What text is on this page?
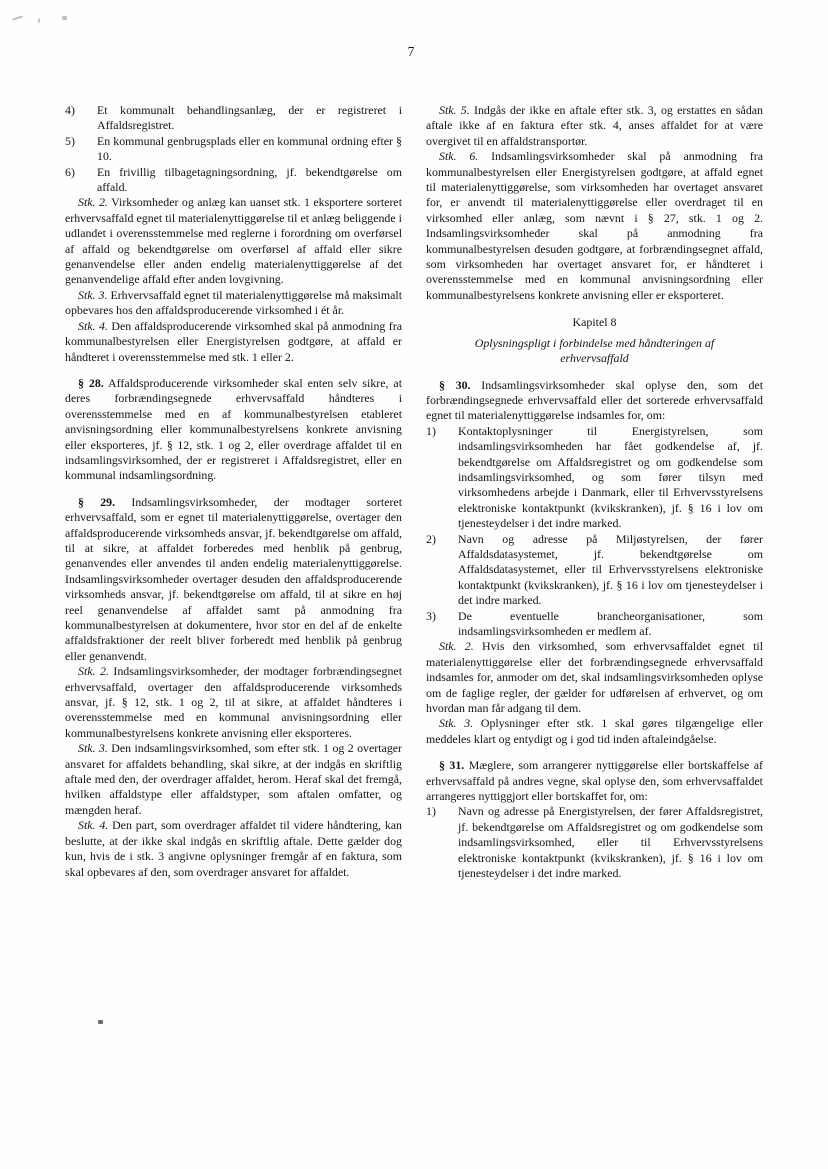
7
4)	Et kommunalt behandlingsanlæg, der er registreret i Affaldsregistret.
5)	En kommunal genbrugsplads eller en kommunal ordning efter § 10.
6)	En frivillig tilbagetagningsordning, jf. bekendtgørelse om affald.

Stk. 2. Virksomheder og anlæg kan uanset stk. 1 eksportere sorteret erhvervsaffald egnet til materialenyttiggørelse til et anlæg beliggende i udlandet i overensstemmelse med reglerne i forordning om overførsel af affald og bekendtgørelse om overførsel af affald eller sikre genanvendelse eller anden endelig materialenyttiggørelse af det genanvendelige affald efter anden lovgivning.

Stk. 3. Erhvervsaffald egnet til materialenyttiggørelse må maksimalt opbevares hos den affaldsproducerende virksomhed i ét år.

Stk. 4. Den affaldsproducerende virksomhed skal på anmodning fra kommunalbestyrelsen eller Energistyrelsen godtgøre, at affald er håndteret i overensstemmelse med stk. 1 eller 2.

§ 28. Affaldsproducerende virksomheder skal enten selv sikre, at deres forbrændingsegnede erhvervsaffald håndteres i overensstemmelse med en af kommunalbestyrelsen etableret anvisningsordning eller kommunalbestyrelsens konkrete anvisning eller eksporteres, jf. § 12, stk. 1 og 2, eller overdrage affaldet til en indsamlingsvirksomhed, der er registreret i Affaldsregistret, eller en kommunal indsamlingsordning.

§ 29. Indsamlingsvirksomheder, der modtager sorteret erhvervsaffald, som er egnet til materialenyttiggørelse, overtager den affaldsproducerende virksomheds ansvar, jf. bekendtgørelse om affald, til at sikre, at affaldet forberedes med henblik på genbrug, genanvendes eller anvendes til anden endelig materialenyttiggørelse. Indsamlingsvirksomheder overtager desuden den affaldsproducerende virksomheds ansvar, jf. bekendtgørelse om affald, til at sikre en høj reel genanvendelse af affaldet samt på anmodning fra kommunalbestyrelsen at dokumentere, hvor stor en del af de enkelte affaldsfraktioner der reelt bliver forberedt med henblik på genbrug eller genanvendt.

Stk. 2. Indsamlingsvirksomheder, der modtager forbrændingsegnet erhvervsaffald, overtager den affaldsproducerende virksomheds ansvar, jf. § 12, stk. 1 og 2, til at sikre, at affaldet håndteres i overensstemmelse med en kommunal anvisningsordning eller kommunalbestyrelsens konkrete anvisning eller eksporteres.

Stk. 3. Den indsamlingsvirksomhed, som efter stk. 1 og 2 overtager ansvaret for affaldets behandling, skal sikre, at der indgås en skriftlig aftale med den, der overdrager affaldet, herom. Heraf skal det fremgå, hvilken affaldstype eller affaldstyper, som aftalen omfatter, og mængden heraf.

Stk. 4. Den part, som overdrager affaldet til videre håndtering, kan beslutte, at der ikke skal indgås en skriftlig aftale. Dette gælder dog kun, hvis de i stk. 3 angivne oplysninger fremgår af en faktura, som skal opbevares af den, som overdrager ansvaret for affaldet.

Stk. 5. Indgås der ikke en aftale efter stk. 3, og erstattes en sådan aftale ikke af en faktura efter stk. 4, anses affaldet for at være overgivet til en affaldstransportør.

Stk. 6. Indsamlingsvirksomheder skal på anmodning fra kommunalbestyrelsen eller Energistyrelsen godtgøre, at affald egnet til materialenyttiggørelse, som virksomheden har overtaget ansvaret for, er anvendt til materialenyttiggørelse eller overdraget til en virksomhed eller anlæg, som nævnt i § 27, stk. 1 og 2. Indsamlingsvirksomheder skal på anmodning fra kommunalbestyrelsen desuden godtgøre, at forbrændingsegnet affald, som virksomheden har overtaget ansvaret for, er håndteret i overensstemmelse med en kommunal anvisningsordning eller kommunalbestyrelsens konkrete anvisning eller er eksporteret.

Kapitel 8
Oplysningspligt i forbindelse med håndteringen af erhvervsaffald

§ 30. Indsamlingsvirksomheder skal oplyse den, som det forbrændingsegnede erhvervsaffald eller det sorterede erhvervsaffald egnet til materialenyttiggørelse indsamles for, om:

1)	Kontaktoplysninger til Energistyrelsen, som indsamlingsvirksomheden har fået godkendelse af, jf. bekendtgørelse om Affaldsregistret og om godkendelse som indsamlingsvirksomhed, og som fører tilsyn med virksomhedens arbejde i Danmark, eller til Erhvervsstyrelsens elektroniske kontaktpunkt (kvikskranken), jf. § 16 i lov om tjenesteydelser i det indre marked.
2)	Navn og adresse på Miljøstyrelsen, der fører Affaldsdatasystemet, jf. bekendtgørelse om Affaldsdatasystemet, eller til Erhvervsstyrelsens elektroniske kontaktpunkt (kvikskranken), jf. § 16 i lov om tjenesteydelser i det indre marked.
3)	De eventuelle brancheorganisationer, som indsamlingsvirksomheden er medlem af.

Stk. 2. Hvis den virksomhed, som erhvervsaffaldet egnet til materialenyttiggørelse eller det forbrændingsegnede erhvervsaffald indsamles for, anmoder om det, skal indsamlingsvirksomheden oplyse om de faglige regler, der gælder for udførelsen af erhvervet, og om hvordan man får adgang til dem.

Stk. 3. Oplysninger efter stk. 1 skal gøres tilgængelige eller meddeles klart og entydigt og i god tid inden aftaleindgåelse.

§ 31. Mæglere, som arrangerer nyttiggørelse eller bortskaffelse af erhvervsaffald på andres vegne, skal oplyse den, som erhvervsaffaldet arrangeres nyttiggjort eller bortskaffet for, om:

1)	Navn og adresse på Energistyrelsen, der fører Affaldsregistret, jf. bekendtgørelse om Affaldsregistret og om godkendelse som indsamlingsvirksomhed, eller til Erhvervsstyrelsens elektroniske kontaktpunkt (kvikskranken), jf. § 16 i lov om tjenesteydelser i det indre marked.
